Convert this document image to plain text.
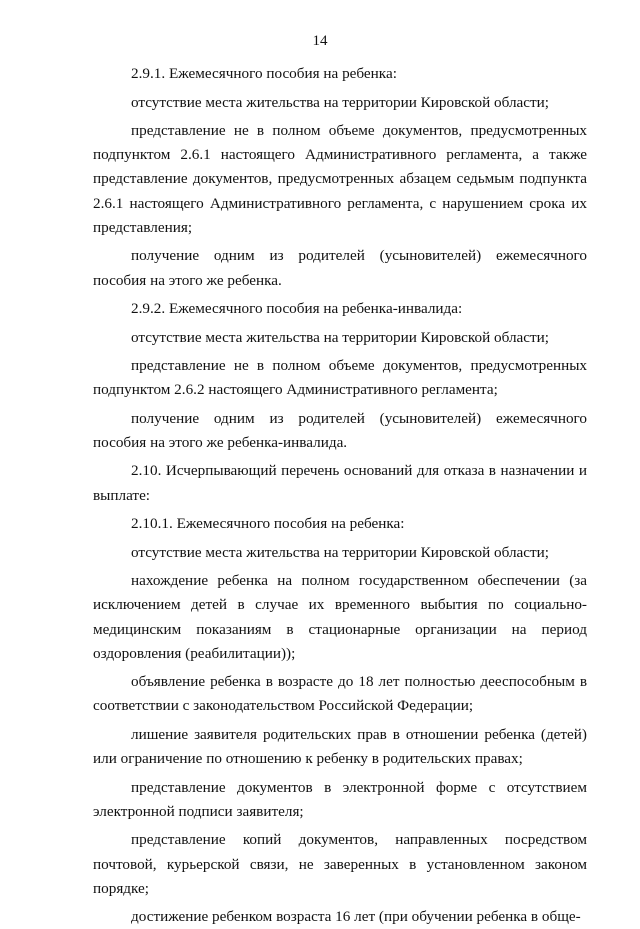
14

2.9.1. Ежемесячного пособия на ребенка:

отсутствие места жительства на территории Кировской области;

представление не в полном объеме документов, предусмотренных подпунктом 2.6.1 настоящего Административного регламента, а также представление документов, предусмотренных абзацем седьмым подпункта 2.6.1 настоящего Административного регламента, с нарушением срока их представления;

получение одним из родителей (усыновителей) ежемесячного пособия на этого же ребенка.

2.9.2. Ежемесячного пособия на ребенка-инвалида:

отсутствие места жительства на территории Кировской области;

представление не в полном объеме документов, предусмотренных подпунктом 2.6.2 настоящего Административного регламента;

получение одним из родителей (усыновителей) ежемесячного пособия на этого же ребенка-инвалида.

2.10. Исчерпывающий перечень оснований для отказа в назначении и выплате:

2.10.1. Ежемесячного пособия на ребенка:

отсутствие места жительства на территории Кировской области;

нахождение ребенка на полном государственном обеспечении (за исключением детей в случае их временного выбытия по социально-медицинским показаниям в стационарные организации на период оздоровления (реабилитации));

объявление ребенка в возрасте до 18 лет полностью дееспособным в соответствии с законодательством Российской Федерации;

лишение заявителя родительских прав в отношении ребенка (детей) или ограничение по отношению к ребенку в родительских правах;

представление документов в электронной форме с отсутствием электронной подписи заявителя;

представление копий документов, направленных посредством почтовой, курьерской связи, не заверенных в установленном законом порядке;

достижение ребенком возраста 16 лет (при обучении ребенка в обще-
